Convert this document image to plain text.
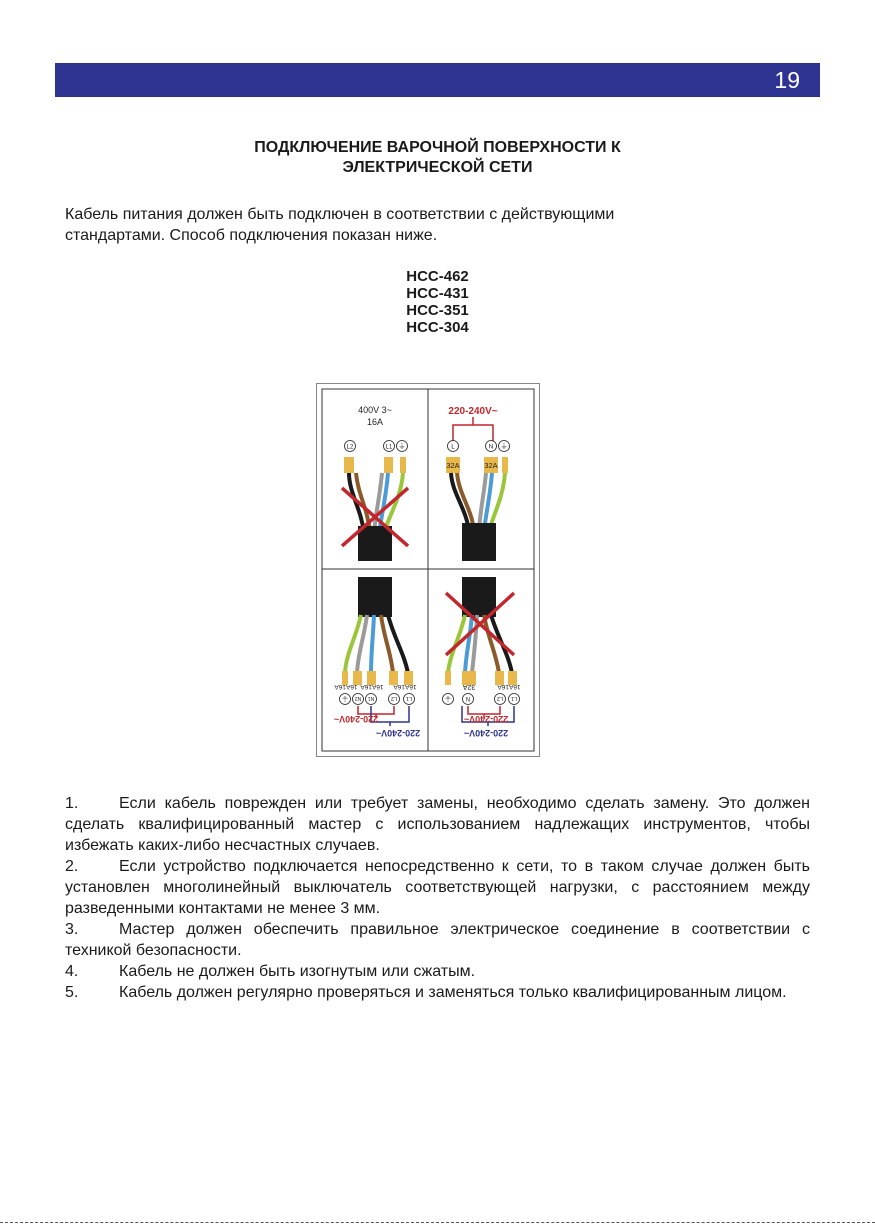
19
ПОДКЛЮЧЕНИЕ ВАРОЧНОЙ ПОВЕРХНОСТИ К
ЭЛЕКТРИЧЕСКОЙ СЕТИ
Кабель питания должен быть подключен в соответствии с действующими
стандартами. Способ подключения показан ниже.
HCC-462
HCC-431
HCC-351
HCC-304
400V 3~
16A
L2	L1 ⏚
220-240V~
L	N ⏚
32A	32A
16A16A
16A16A
16A16A
⏚ N2 N1	L2 L1
220-240V~
220-240V~
32A	16A16A
⏚ N	L2 L1
220-240V~
220-240V~
1.	Если кабель поврежден или требует замены, необходимо сделать замену. Это должен сделать квалифицированный мастер с использованием надлежащих инструментов, чтобы избежать каких-либо несчастных случаев.
2.	Если устройство подключается непосредственно к сети, то в таком случае должен быть установлен многолинейный выключатель соответствующей нагрузки, с расстоянием между разведенными контактами не менее 3 мм.
3.	Мастер должен обеспечить правильное электрическое соединение в соответствии с техникой безопасности.
4.	Кабель не должен быть изогнутым или сжатым.
5.	Кабель должен регулярно проверяться и заменяться только квалифицированным лицом.
